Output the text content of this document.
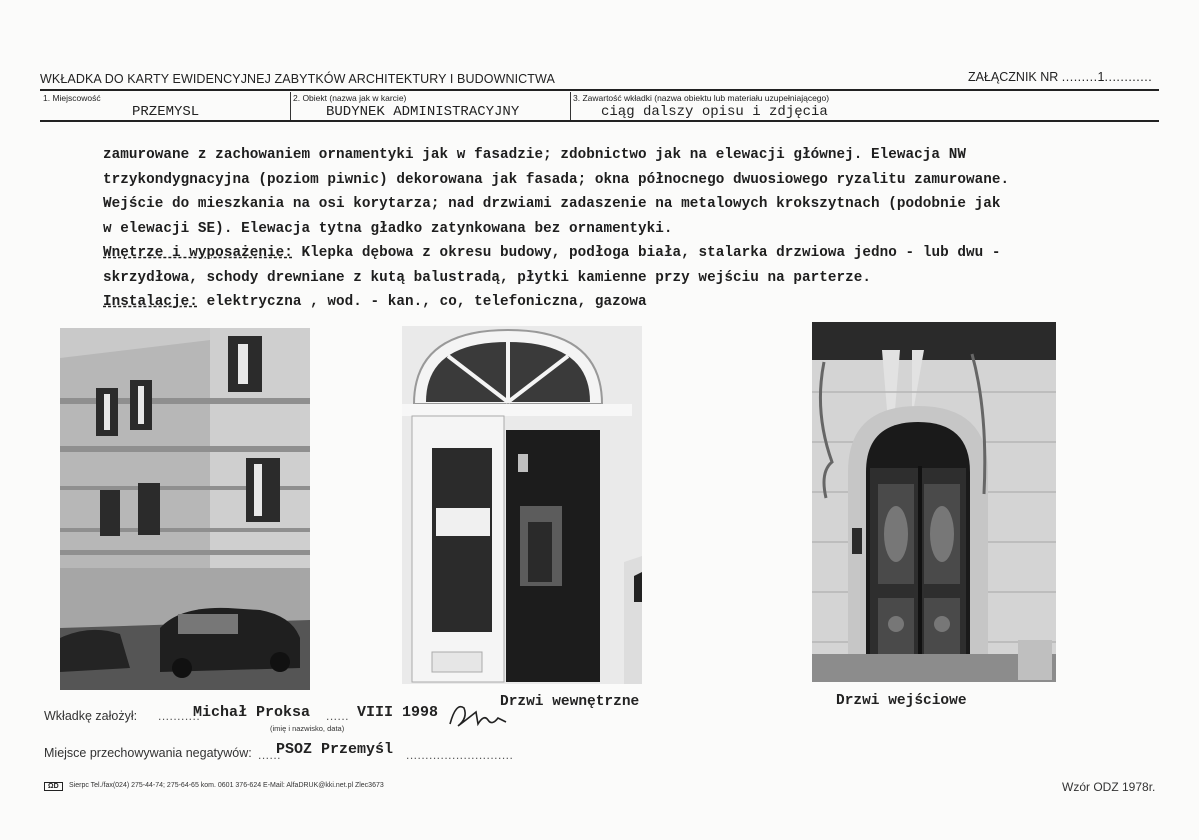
WKŁADKA DO KARTY EWIDENCYJNEJ ZABYTKÓW ARCHITEKTURY I BUDOWNICTWA	ZAŁĄCZNIK NR .........1............
1. Miejscowość
PRZEMYSL
2. Obiekt (nazwa jak w karcie)
BUDYNEK ADMINISTRACYJNY
3. Zawartość wkładki (nazwa obiektu lub materiału uzupełniającego)
ciąg dalszy opisu i zdjęcia
zamurowane z zachowaniem ornamentyki jak w fasadzie; zdobnictwo jak na elewacji głównej. Elewacja NW
trzykondygnacyjna (poziom piwnic) dekorowana jak fasada; okna północnego dwuosiowego ryzalitu zamurowane.
Wejście do mieszkania na osi korytarza; nad drzwiami zadaszenie na metalowych krokszytnach (podobnie jak
w elewacji SE). Elewacja tytna gładko zatynkowana bez ornamentyki.
Wnętrze i wyposażenie: Klepka dębowa z okresu budowy, podłoga biała, stalarka drzwiowa jedno - lub dwu -
skrzydłowa, schody drewniane z kutą balustradą, płytki kamienne przy wejściu na parterze.
Instalacje: elektryczna , wod. - kan., co, telefoniczna, gazowa
Drzwi wewnętrzne	Drzwi wejściowe
Wkładkę założył: ...........
Michał Proksa ...... VIII 1998
(imię i nazwisko, data)
Miejsce przechowywania negatywów: ......
PSOZ Przemyśl ............................
ΩD	Sierpc Tel./fax(024) 275-44-74; 275-64-65 kom. 0601 376-624 E-Mail: AlfaDRUK@kki.net.pl Zlec3673	Wzór ODZ 1978r.
